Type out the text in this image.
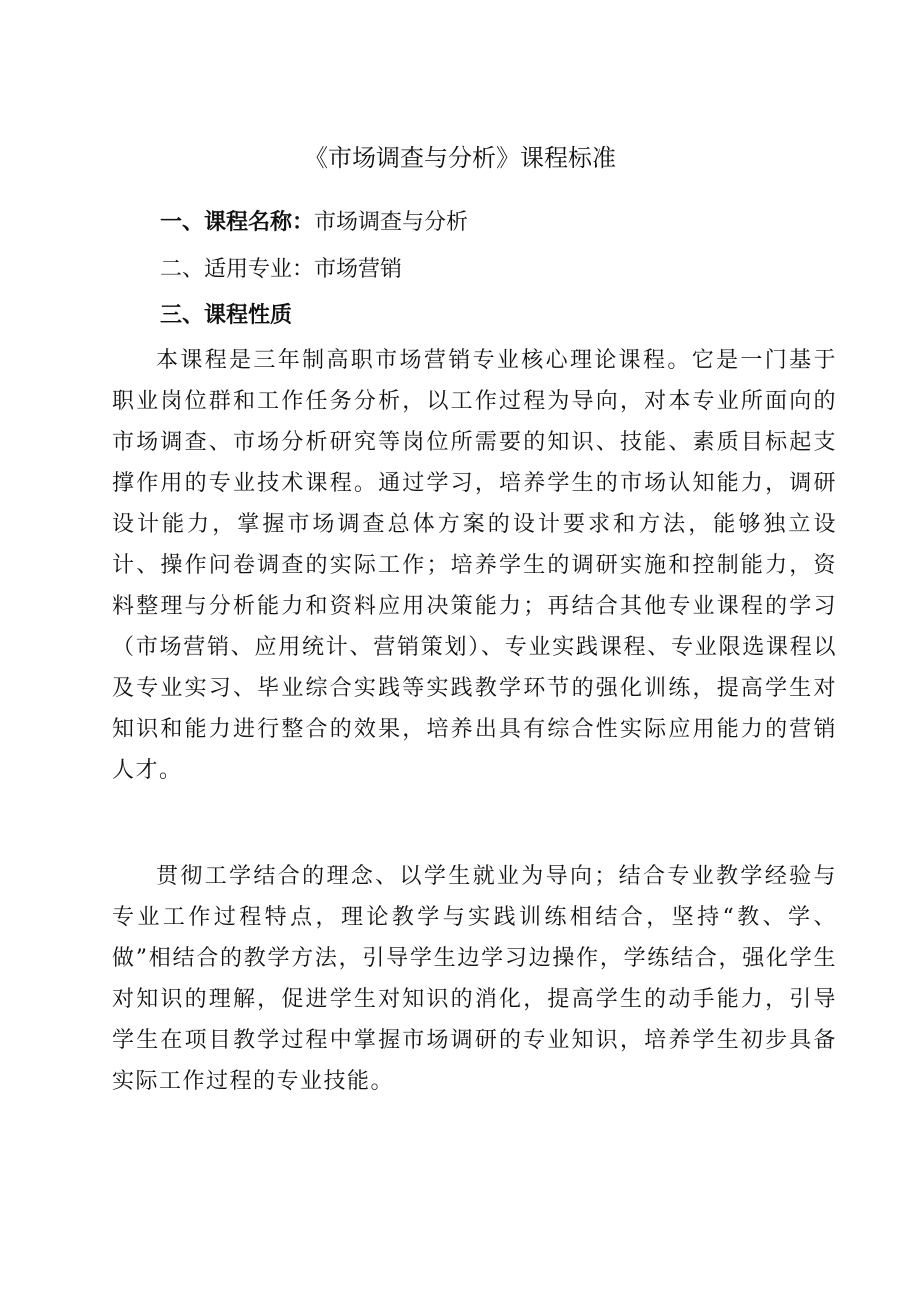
《市场调查与分析》课程标准

一、课程名称：市场调查与分析

二、适用专业：市场营销

三、课程性质

本课程是三年制高职市场营销专业核心理论课程。它是一门基于职业岗位群和工作任务分析，以工作过程为导向，对本专业所面向的市场调查、市场分析研究等岗位所需要的知识、技能、素质目标起支撑作用的专业技术课程。通过学习，培养学生的市场认知能力，调研设计能力，掌握市场调查总体方案的设计要求和方法，能够独立设计、操作问卷调查的实际工作；培养学生的调研实施和控制能力，资料整理与分析能力和资料应用决策能力；再结合其他专业课程的学习（市场营销、应用统计、营销策划）、专业实践课程、专业限选课程以及专业实习、毕业综合实践等实践教学环节的强化训练，提高学生对知识和能力进行整合的效果，培养出具有综合性实际应用能力的营销人才。

贯彻工学结合的理念、以学生就业为导向；结合专业教学经验与专业工作过程特点，理论教学与实践训练相结合，坚持“教、学、做”相结合的教学方法，引导学生边学习边操作，学练结合，强化学生对知识的理解，促进学生对知识的消化，提高学生的动手能力，引导学生在项目教学过程中掌握市场调研的专业知识，培养学生初步具备实际工作过程的专业技能。
